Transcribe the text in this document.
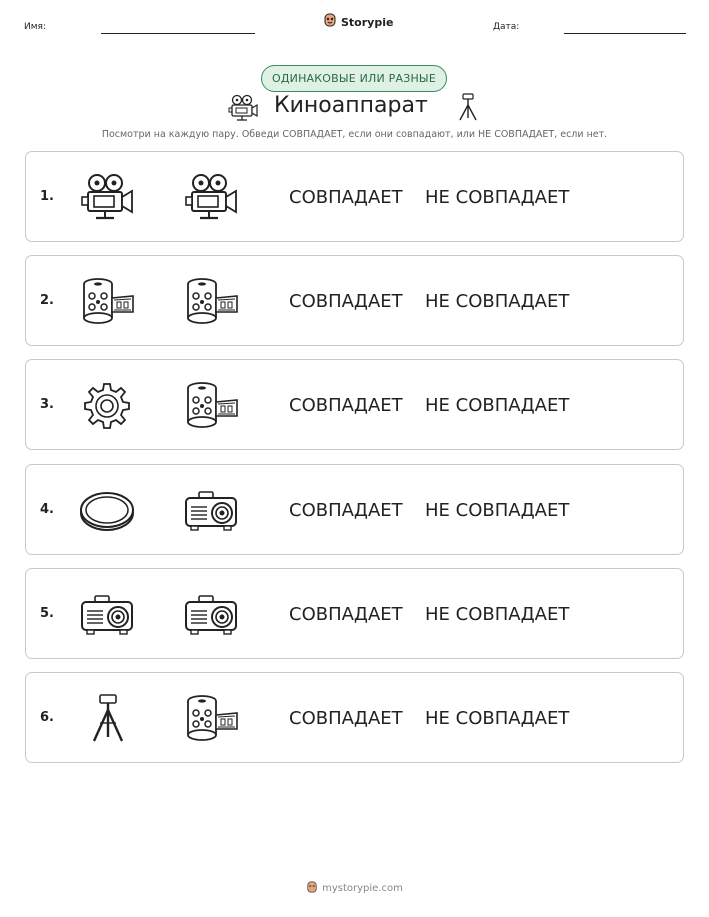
Имя:	Storypie	Дата:
ОДИНАКОВЫЕ ИЛИ РАЗНЫЕ
Киноаппарат
Посмотри на каждую пару. Обведи СОВПАДАЕТ, если они совпадают, или НЕ СОВПАДАЕТ, если нет.
1.	СОВПАДАЕТ НЕ СОВПАДАЕТ
2.	СОВПАДАЕТ НЕ СОВПАДАЕТ
3.	СОВПАДАЕТ НЕ СОВПАДАЕТ
4.	СОВПАДАЕТ НЕ СОВПАДАЕТ
5.	СОВПАДАЕТ НЕ СОВПАДАЕТ
6.	СОВПАДАЕТ НЕ СОВПАДАЕТ
mystorypie.com
